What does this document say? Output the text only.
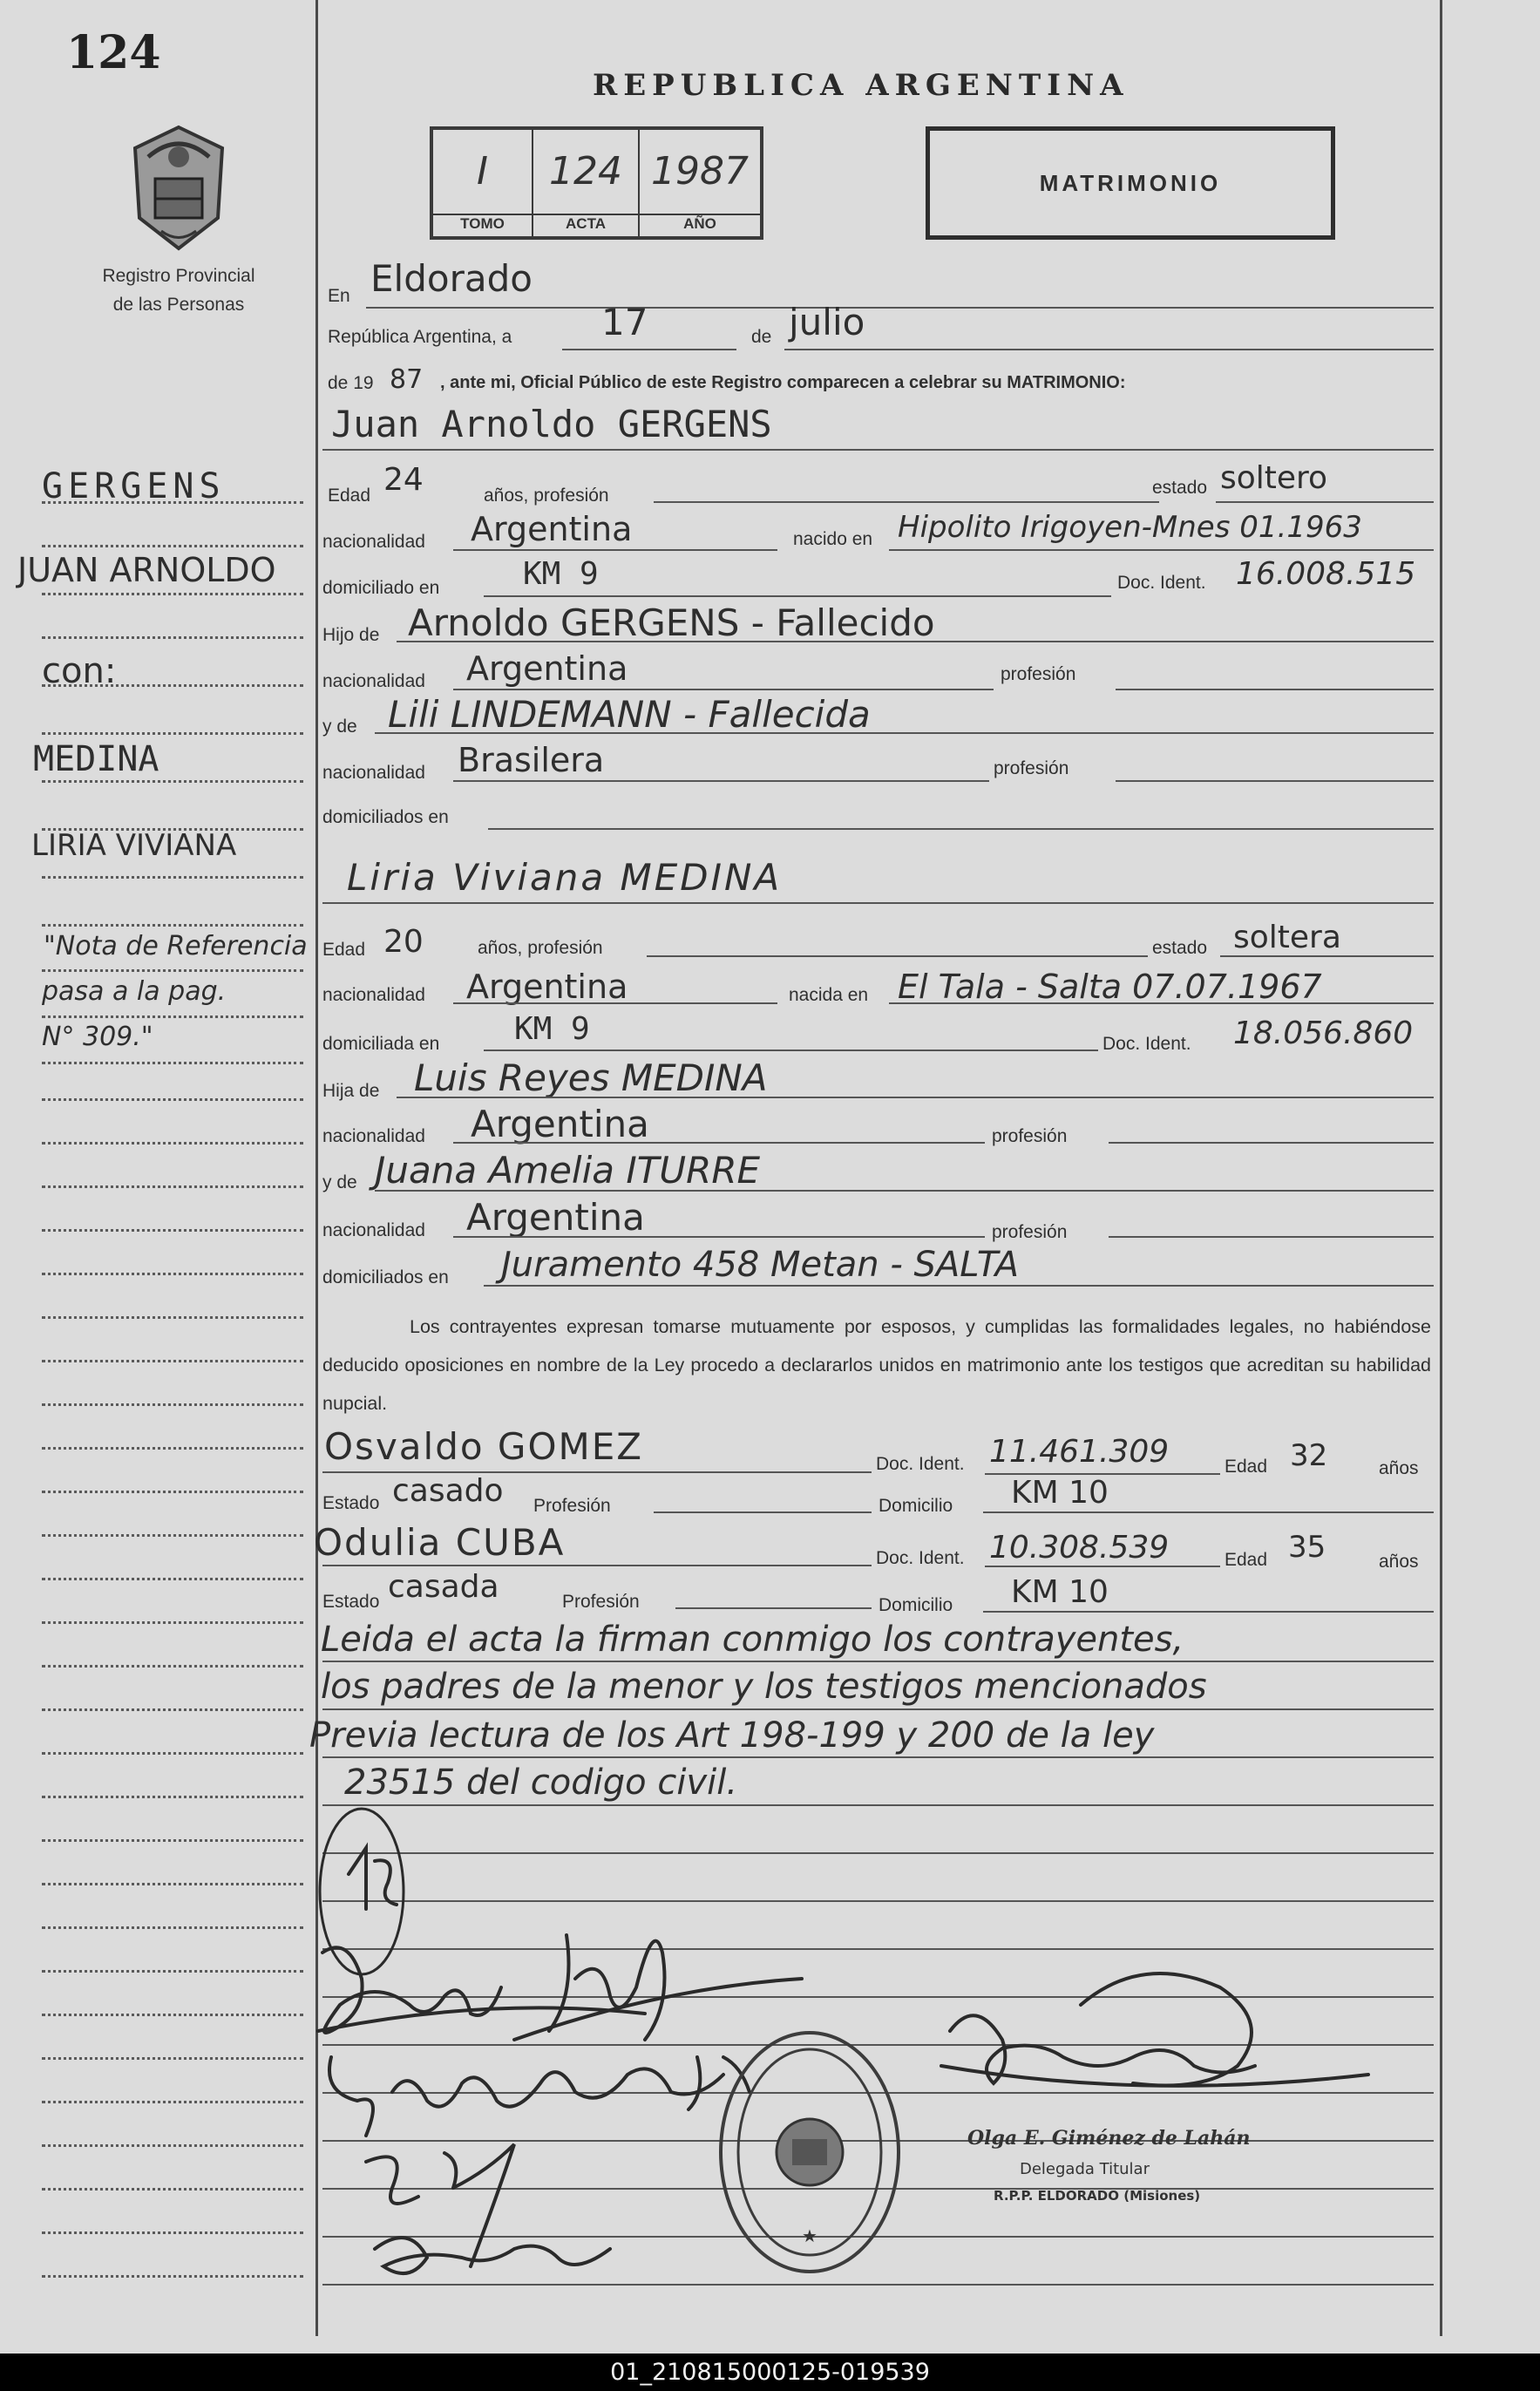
124
Registro Provincial
de las Personas
GERGENS
JUAN ARNOLDO
con:
MEDINA
LIRIA VIVIANA
"Nota de Referencia
pasa a la pag.
N° 309."
REPUBLICA ARGENTINA
I
TOMO
124
ACTA
1987
AÑO
MATRIMONIO
En Eldorado
República Argentina, a 17	de julio
de 19 87 , ante mi, Oficial Público de este Registro comparecen a celebrar su MATRIMONIO:
Juan Arnoldo GERGENS
Edad 24	años, profesión	estado soltero
nacionalidad Argentina	nacido en Hipolito Irigoyen-Mnes 01.1963
domiciliado en	KM 9	Doc. Ident. 16.008.515
Hijo de Arnoldo GERGENS - Fallecido
nacionalidad Argentina	profesión
y de Lili LINDEMANN - Fallecida
nacionalidad Brasilera	profesión
domiciliados en
Liria Viviana MEDINA
Edad 20	años, profesión	estado soltera
nacionalidad Argentina	nacida en El Tala - Salta 07.07.1967
domiciliada en KM 9	Doc. Ident. 18.056.860
Hija de Luis Reyes MEDINA
nacionalidad Argentina	profesión
y de Juana Amelia ITURRE
nacionalidad Argentina	profesión
domiciliados en Juramento 458 Metan - SALTA
Los contrayentes expresan tomarse mutuamente por esposos, y cumplidas las formalidades legales, no habiéndose deducido oposiciones en nombre de la Ley procedo a declararlos unidos en matrimonio ante los testigos que acreditan su habilidad nupcial.
Osvaldo GOMEZ	Doc. Ident. 11.461.309	Edad 32	años
Estado casado Profesión	Domicilio KM 10
Odulia CUBA	Doc. Ident. 10.308.539	Edad 35	años
Estado casada	Profesión	Domicilio KM 10
Leida el acta la firman conmigo los contrayentes,
los padres de la menor y los testigos mencionados
Previa lectura de los Art 198-199 y 200 de la ley
23515 del codigo civil.
★
Olga E. Giménez de Lahán
Delegada Titular
R.P.P. ELDORADO (Misiones)
01_210815000125-019539
